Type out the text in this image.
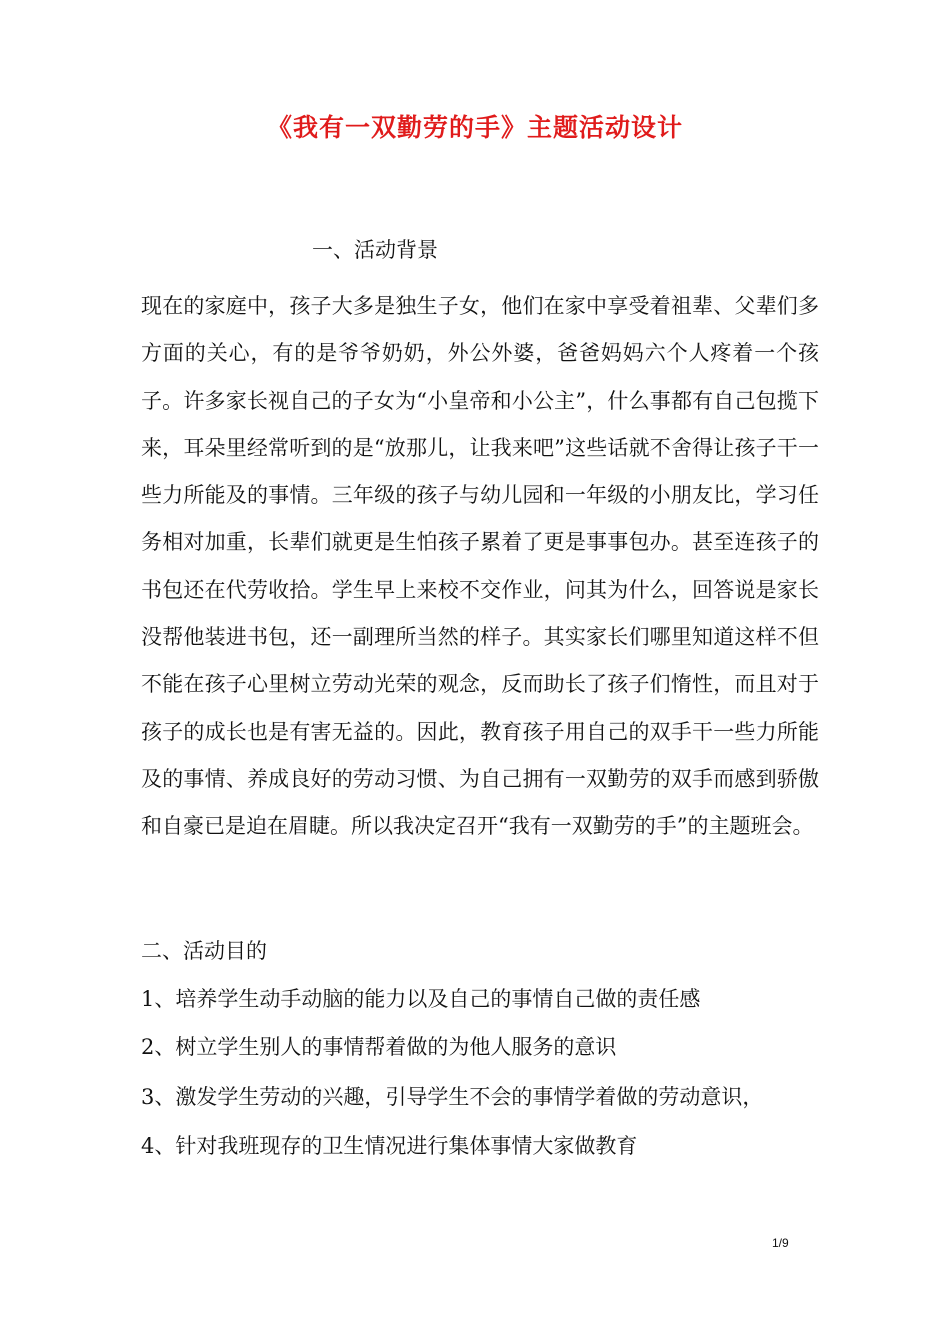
《我有一双勤劳的手》主题活动设计
一、活动背景
现在的家庭中，孩子大多是独生子女，他们在家中享受着祖辈、父辈们多方面的关心，有的是爷爷奶奶，外公外婆，爸爸妈妈六个人疼着一个孩子。许多家长视自己的子女为“小皇帝和小公主”，什么事都有自己包揽下来，耳朵里经常听到的是“放那儿，让我来吧”这些话就不舍得让孩子干一些力所能及的事情。三年级的孩子与幼儿园和一年级的小朋友比，学习任务相对加重，长辈们就更是生怕孩子累着了更是事事包办。甚至连孩子的书包还在代劳收拾。学生早上来校不交作业，问其为什么，回答说是家长没帮他装进书包，还一副理所当然的样子。其实家长们哪里知道这样不但不能在孩子心里树立劳动光荣的观念，反而助长了孩子们惰性，而且对于孩子的成长也是有害无益的。因此，教育孩子用自己的双手干一些力所能及的事情、养成良好的劳动习惯、为自己拥有一双勤劳的双手而感到骄傲和自豪已是迫在眉睫。所以我决定召开“我有一双勤劳的手”的主题班会。
二、活动目的
1、培养学生动手动脑的能力以及自己的事情自己做的责任感
2、树立学生别人的事情帮着做的为他人服务的意识
3、激发学生劳动的兴趣，引导学生不会的事情学着做的劳动意识，
4、针对我班现存的卫生情况进行集体事情大家做教育
1/9
